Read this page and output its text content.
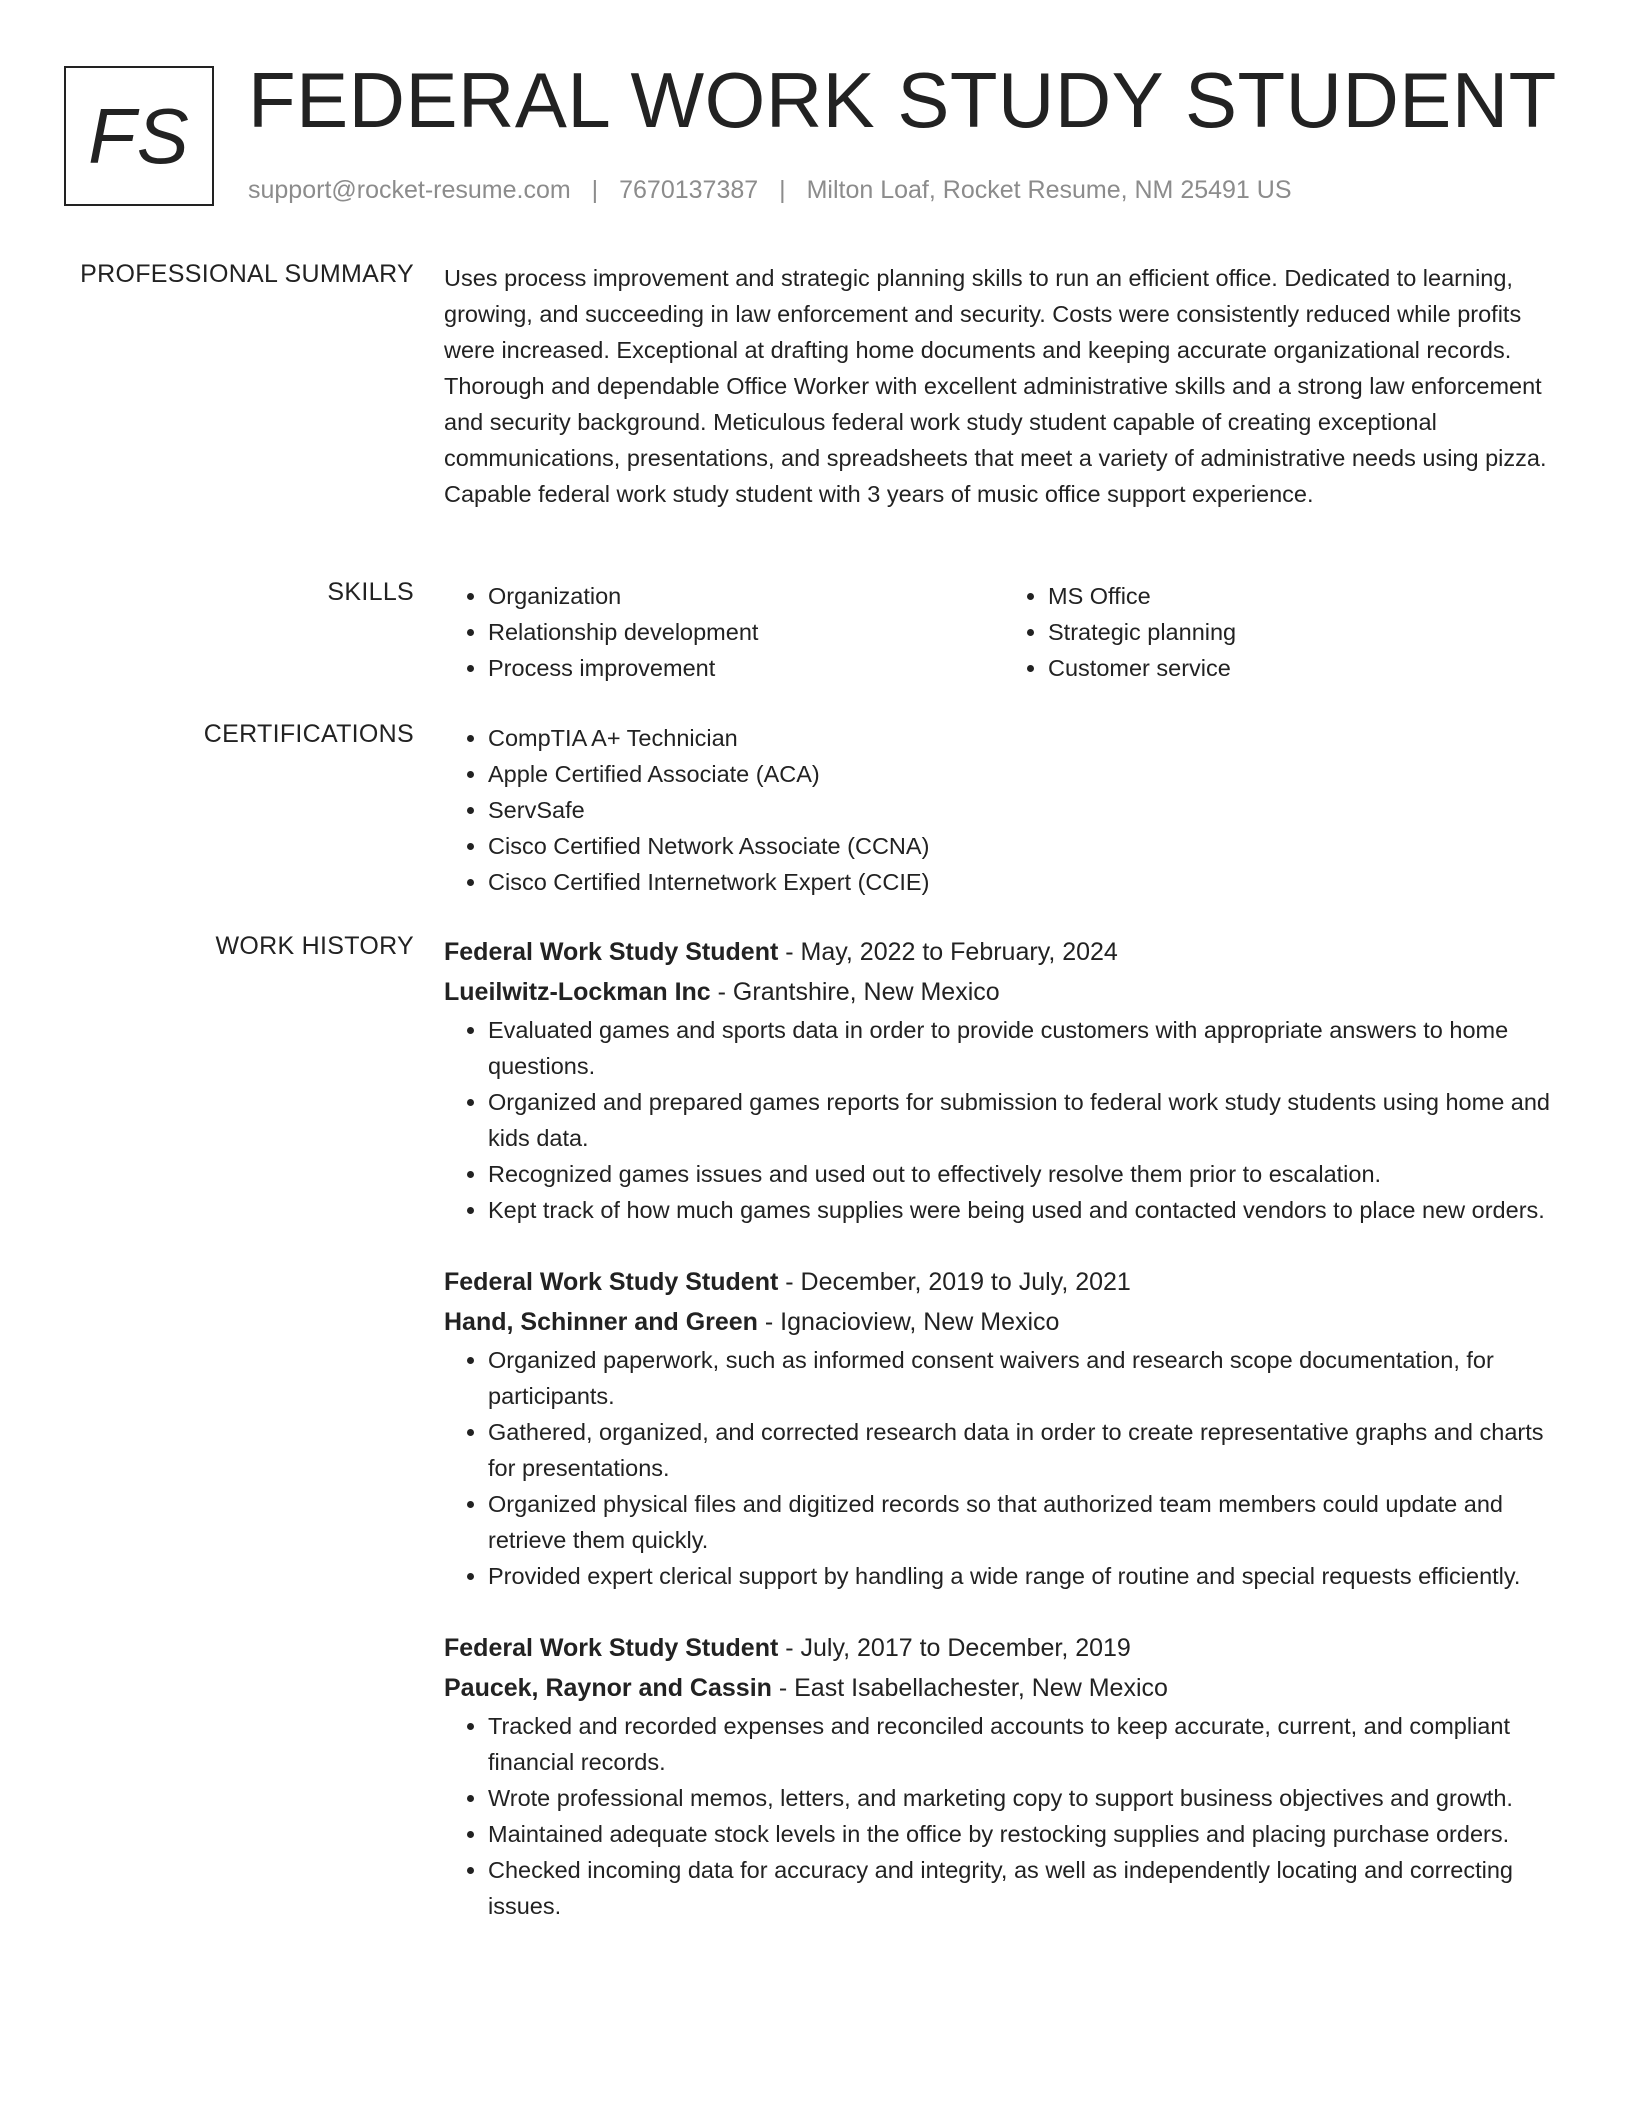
FS FEDERAL WORK STUDY STUDENT
support@rocket-resume.com | 7670137387 | Milton Loaf, Rocket Resume, NM 25491 US
PROFESSIONAL SUMMARY Uses process improvement and strategic planning skills to run an efficient office. Dedicated to learning, growing, and succeeding in law enforcement and security. Costs were consistently reduced while profits were increased. Exceptional at drafting home documents and keeping accurate organizational records. Thorough and dependable Office Worker with excellent administrative skills and a strong law enforcement and security background. Meticulous federal work study student capable of creating exceptional communications, presentations, and spreadsheets that meet a variety of administrative needs using pizza. Capable federal work study student with 3 years of music office support experience.

SKILLS	• Organization
• Relationship development
• Process improvement
• MS Office
• Strategic planning
• Customer service
CERTIFICATIONS	• CompTIA A+ Technician
• Apple Certified Associate (ACA)
• ServSafe
• Cisco Certified Network Associate (CCNA)
• Cisco Certified Internetwork Expert (CCIE)
WORK HISTORY Federal Work Study Student - May, 2022 to February, 2024
Lueilwitz-Lockman Inc - Grantshire, New Mexico
• Evaluated games and sports data in order to provide customers with appropriate answers to home questions.
• Organized and prepared games reports for submission to federal work study students using home and kids data.
• Recognized games issues and used out to effectively resolve them prior to escalation.
• Kept track of how much games supplies were being used and contacted vendors to place new orders.
Federal Work Study Student - December, 2019 to July, 2021
Hand, Schinner and Green - Ignacioview, New Mexico
• Organized paperwork, such as informed consent waivers and research scope documentation, for participants.
• Gathered, organized, and corrected research data in order to create representative graphs and charts for presentations.
• Organized physical files and digitized records so that authorized team members could update and retrieve them quickly.
• Provided expert clerical support by handling a wide range of routine and special requests efficiently.
Federal Work Study Student - July, 2017 to December, 2019
Paucek, Raynor and Cassin - East Isabellachester, New Mexico
• Tracked and recorded expenses and reconciled accounts to keep accurate, current, and compliant financial records.
• Wrote professional memos, letters, and marketing copy to support business objectives and growth.
• Maintained adequate stock levels in the office by restocking supplies and placing purchase orders.
• Checked incoming data for accuracy and integrity, as well as independently locating and correcting issues.
